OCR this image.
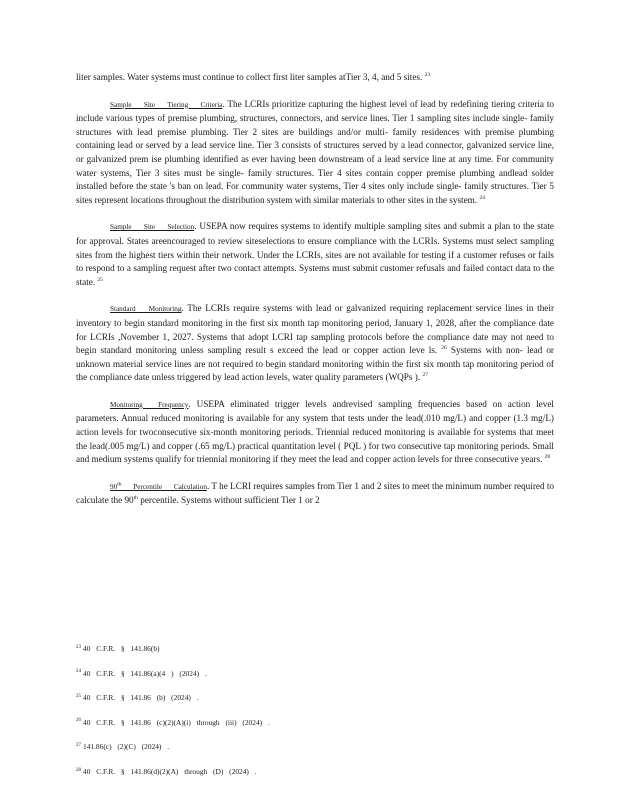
liter samples. Water systems must continue to collect first liter samples atTier 3, 4, and 5 sites. $^{23}$

Sample Site Tiering Criteria. The LCRIs prioritize capturing the highest level of lead by redefining tiering criteria to include various types of premise plumbing, structures, connectors, and service lines. Tier 1 sampling sites include single- family structures with lead premise plumbing. Tier 2 sites are buildings and/or multi- family residences with premise plumbing containing lead or served by a lead service line. Tier 3 consists of structures served by a lead connector, galvanized service line, or galvanized prem ise plumbing identified as ever having been downstream of a lead service line at any time. For community water systems, Tier 3 sites must be single- family structures. Tier 4 sites contain copper premise plumbing andlead solder installed before the state 's ban on lead. For community water systems, Tier 4 sites only include single- family structures. Tier 5 sites represent locations throughout the distribution system with similar materials to other sites in the system. $^{24}$

Sample Site Selection. USEPA now requires systems to identify multiple sampling sites and submit a plan to the state for approval. States areencouraged to review siteselections to ensure compliance with the LCRIs. Systems must select sampling sites from the highest tiers within their network. Under the LCRIs, sites are not available for testing if a customer refuses or fails to respond to a sampling request after two contact attempts. Systems must submit customer refusals and failed contact data to the state. $^{25}$

Standard Monitoring. The LCRIs require systems with lead or galvanized requiring replacement service lines in their inventory to begin standard monitoring in the first six month tap monitoring period, January 1, 2028, after the compliance date for LCRIs ,November 1, 2027. Systems that adopt LCRI tap sampling protocols before the compliance date may not need to begin standard monitoring unless sampling result s exceed the lead or copper action leve ls. $^{26}$ Systems with non- lead or unknown material service lines are not required to begin standard monitoring within the first six month tap monitoring period of the compliance date unless triggered by lead action levels, water quality parameters (WQPs ). $^{27}$

Monitoring Frequency. USEPA eliminated trigger levels andrevised sampling frequencies based on action level parameters. Annual reduced monitoring is available for any system that tests under the lead(.010 mg/L) and copper (1.3 mg/L) action levels for twoconsecutive six-month monitoring periods. Triennial reduced monitoring is available for systems that meet the lead(.005 mg/L) and copper (.65 mg/L) practical quantitation level ( PQL ) for two consecutive tap monitoring periods. Small and medium systems qualify for triennial monitoring if they meet the lead and copper action levels for three consecutive years. $^{28}$

90th Percentile Calculation. T he LCRI requires samples from Tier 1 and 2 sites to meet the minimum number required to calculate the 90th percentile. Systems without sufficient Tier 1 or 2

$^{23}$ 40 C.F.R. § 141.86(b)
$^{24}$ 40 C.F.R. § 141.86(a)(4 ) (2024) .
$^{25}$ 40 C.F.R. § 141.86 (b) (2024) .
$^{26}$ 40 C.F.R. § 141.86 (c)(2)(A)(i) through (iii) (2024) .
$^{27}$ 141.86(c) (2)(C) (2024) .
$^{28}$ 40 C.F.R. § 141.86(d)(2)(A) through (D) (2024) .
